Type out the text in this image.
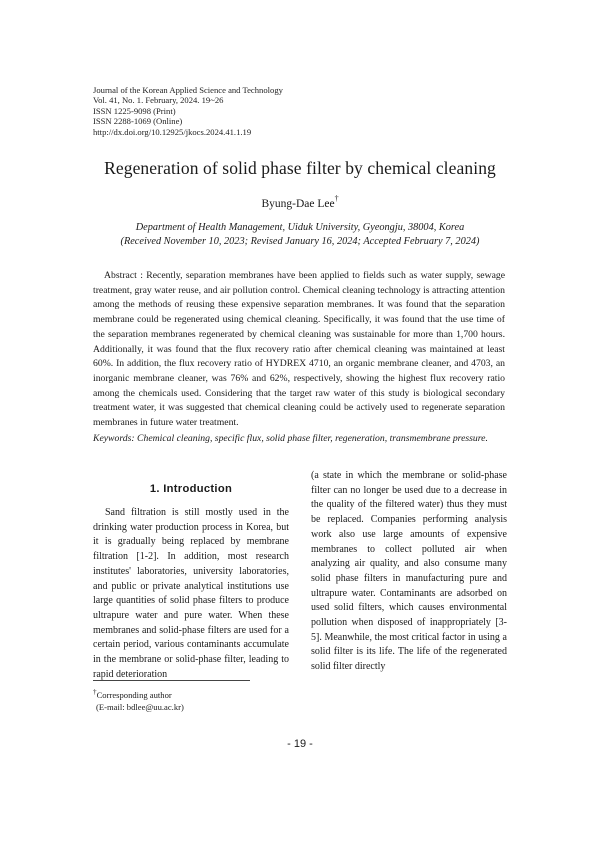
Journal of the Korean Applied Science and Technology
Vol. 41, No. 1. February, 2024. 19~26
ISSN 1225-9098 (Print)
ISSN 2288-1069 (Online)
http://dx.doi.org/10.12925/jkocs.2024.41.1.19
Regeneration of solid phase filter by chemical cleaning
Byung-Dae Lee†
Department of Health Management, Uiduk University, Gyeongju, 38004, Korea
(Received November 10, 2023; Revised January 16, 2024; Accepted February 7, 2024)
Abstract : Recently, separation membranes have been applied to fields such as water supply, sewage treatment, gray water reuse, and air pollution control. Chemical cleaning technology is attracting attention among the methods of reusing these expensive separation membranes. It was found that the separation membrane could be regenerated using chemical cleaning. Specifically, it was found that the use time of the separation membranes regenerated by chemical cleaning was sustainable for more than 1,700 hours. Additionally, it was found that the flux recovery ratio after chemical cleaning was maintained at least 60%. In addition, the flux recovery ratio of HYDREX 4710, an organic membrane cleaner, and 4703, an inorganic membrane cleaner, was 76% and 62%, respectively, showing the highest flux recovery ratio among the chemicals used. Considering that the target raw water of this study is biological secondary treatment water, it was suggested that chemical cleaning could be actively used to regenerate separation membranes in future water treatment.
Keywords: Chemical cleaning, specific flux, solid phase filter, regeneration, transmembrane pressure.
1. Introduction
Sand filtration is still mostly used in the drinking water production process in Korea, but it is gradually being replaced by membrane filtration [1-2]. In addition, most research institutes' laboratories, university laboratories, and public or private analytical institutions use large quantities of solid phase filters to produce ultrapure water and pure water. When these membranes and solid-phase filters are used for a certain period, various contaminants accumulate in the membrane or solid-phase filter, leading to rapid deterioration
(a state in which the membrane or solid-phase filter can no longer be used due to a decrease in the quality of the filtered water) thus they must be replaced. Companies performing analysis work also use large amounts of expensive membranes to collect polluted air when analyzing air quality, and also consume many solid phase filters in manufacturing pure and ultrapure water. Contaminants are adsorbed on used solid filters, which causes environmental pollution when disposed of inappropriately [3-5]. Meanwhile, the most critical factor in using a solid filter is its life. The life of the regenerated solid filter directly
†Corresponding author
(E-mail: bdlee@uu.ac.kr)
- 19 -
